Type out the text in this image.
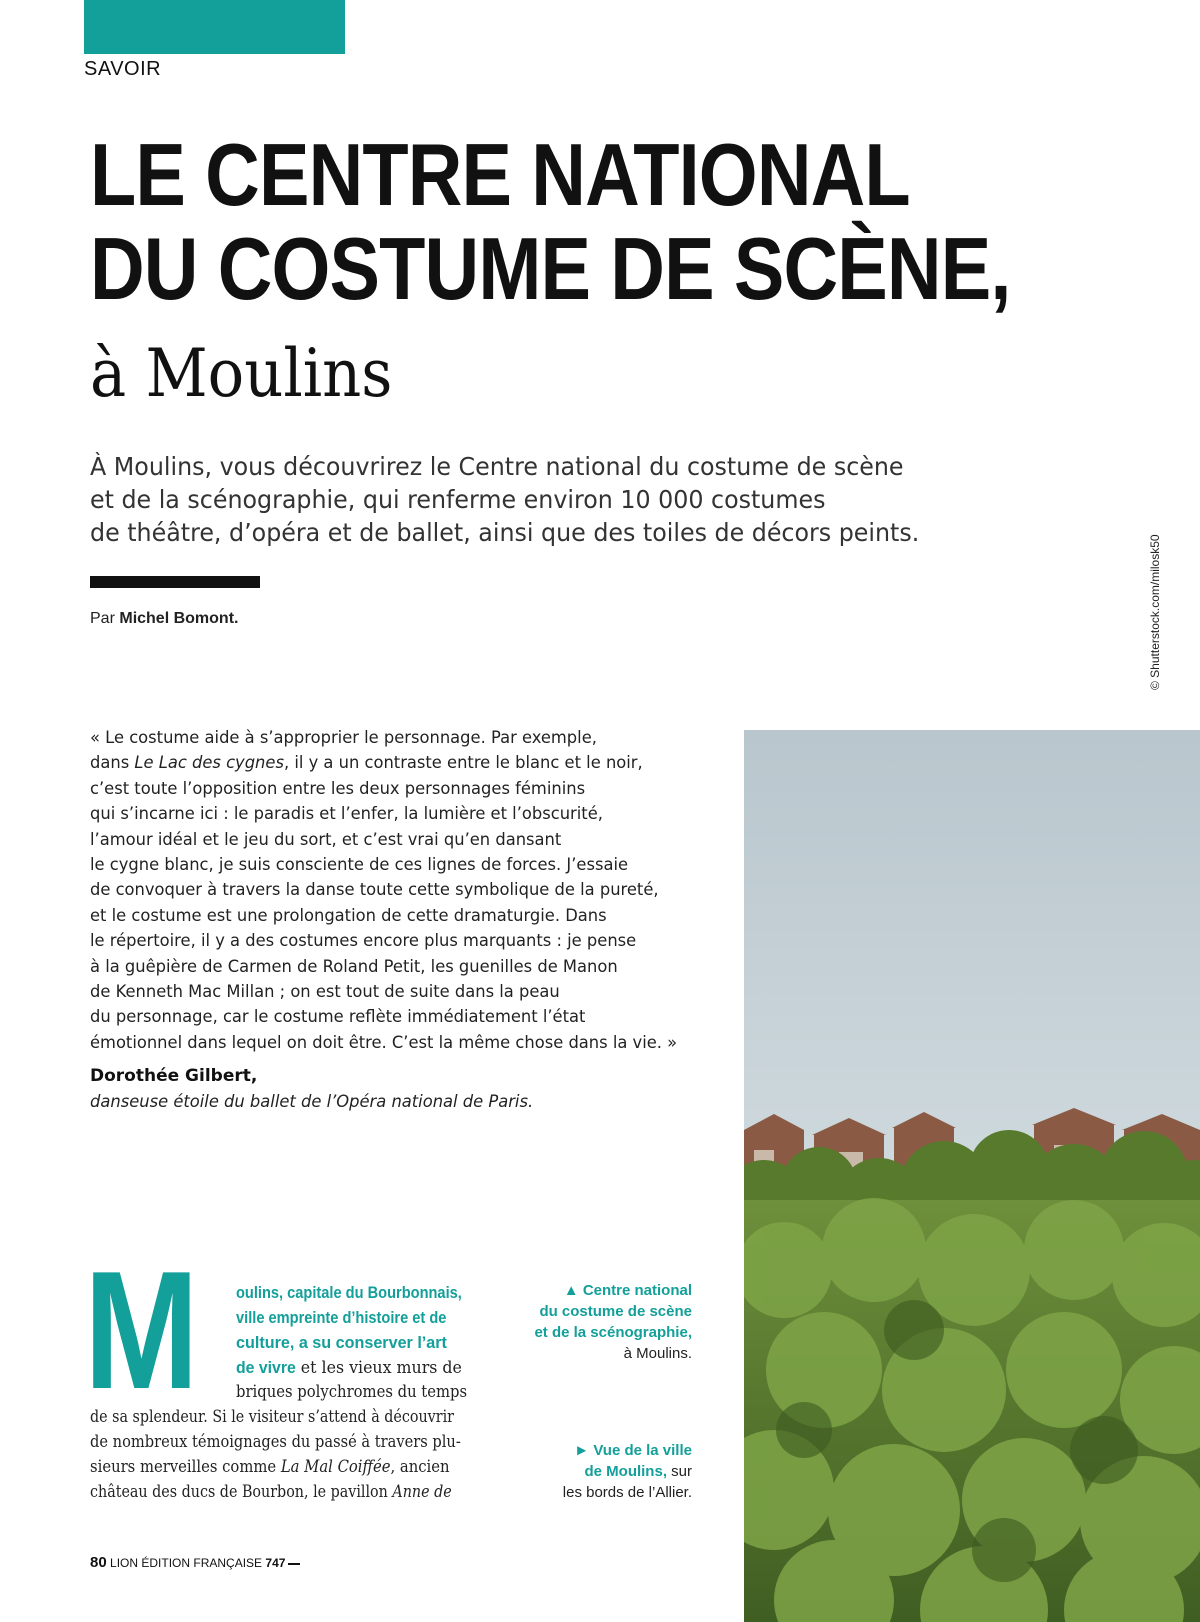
SAVOIR
LE CENTRE NATIONAL
DU COSTUME DE SCÈNE,
à Moulins
À Moulins, vous découvrirez le Centre national du costume de scène
et de la scénographie, qui renferme environ 10 000 costumes
de théâtre, d’opéra et de ballet, ainsi que des toiles de décors peints.
Par Michel Bomont.	© Shutterstock.com/milosk50
« Le costume aide à s’approprier le personnage. Par exemple,
dans Le Lac des cygnes, il y a un contraste entre le blanc et le noir,
c’est toute l’opposition entre les deux personnages féminins
qui s’incarne ici : le paradis et l’enfer, la lumière et l’obscurité,
l’amour idéal et le jeu du sort, et c’est vrai qu’en dansant
le cygne blanc, je suis consciente de ces lignes de forces. J’essaie
de convoquer à travers la danse toute cette symbolique de la pureté,
et le costume est une prolongation de cette dramaturgie. Dans
le répertoire, il y a des costumes encore plus marquants : je pense
à la guêpière de Carmen de Roland Petit, les guenilles de Manon
de Kenneth Mac Millan ; on est tout de suite dans la peau
du personnage, car le costume reflète immédiatement l’état
émotionnel dans lequel on doit être. C’est la même chose dans la vie. »
Dorothée Gilbert,
danseuse étoile du ballet de l’Opéra national de Paris.
M oulins, capitale du Bourbonnais,
ville empreinte d’histoire et de
culture, a su conserver l’art
de vivre et les vieux murs de
briques polychromes du temps
de sa splendeur. Si le visiteur s’attend à découvrir
de nombreux témoignages du passé à travers plu-
sieurs merveilles comme La Mal Coiffée, ancien
château des ducs de Bourbon, le pavillon Anne de
▲ Centre national
du costume de scène
et de la scénographie,
à Moulins.
► Vue de la ville
de Moulins, sur
les bords de l’Allier.
80 LION ÉDITION FRANÇAISE 747
